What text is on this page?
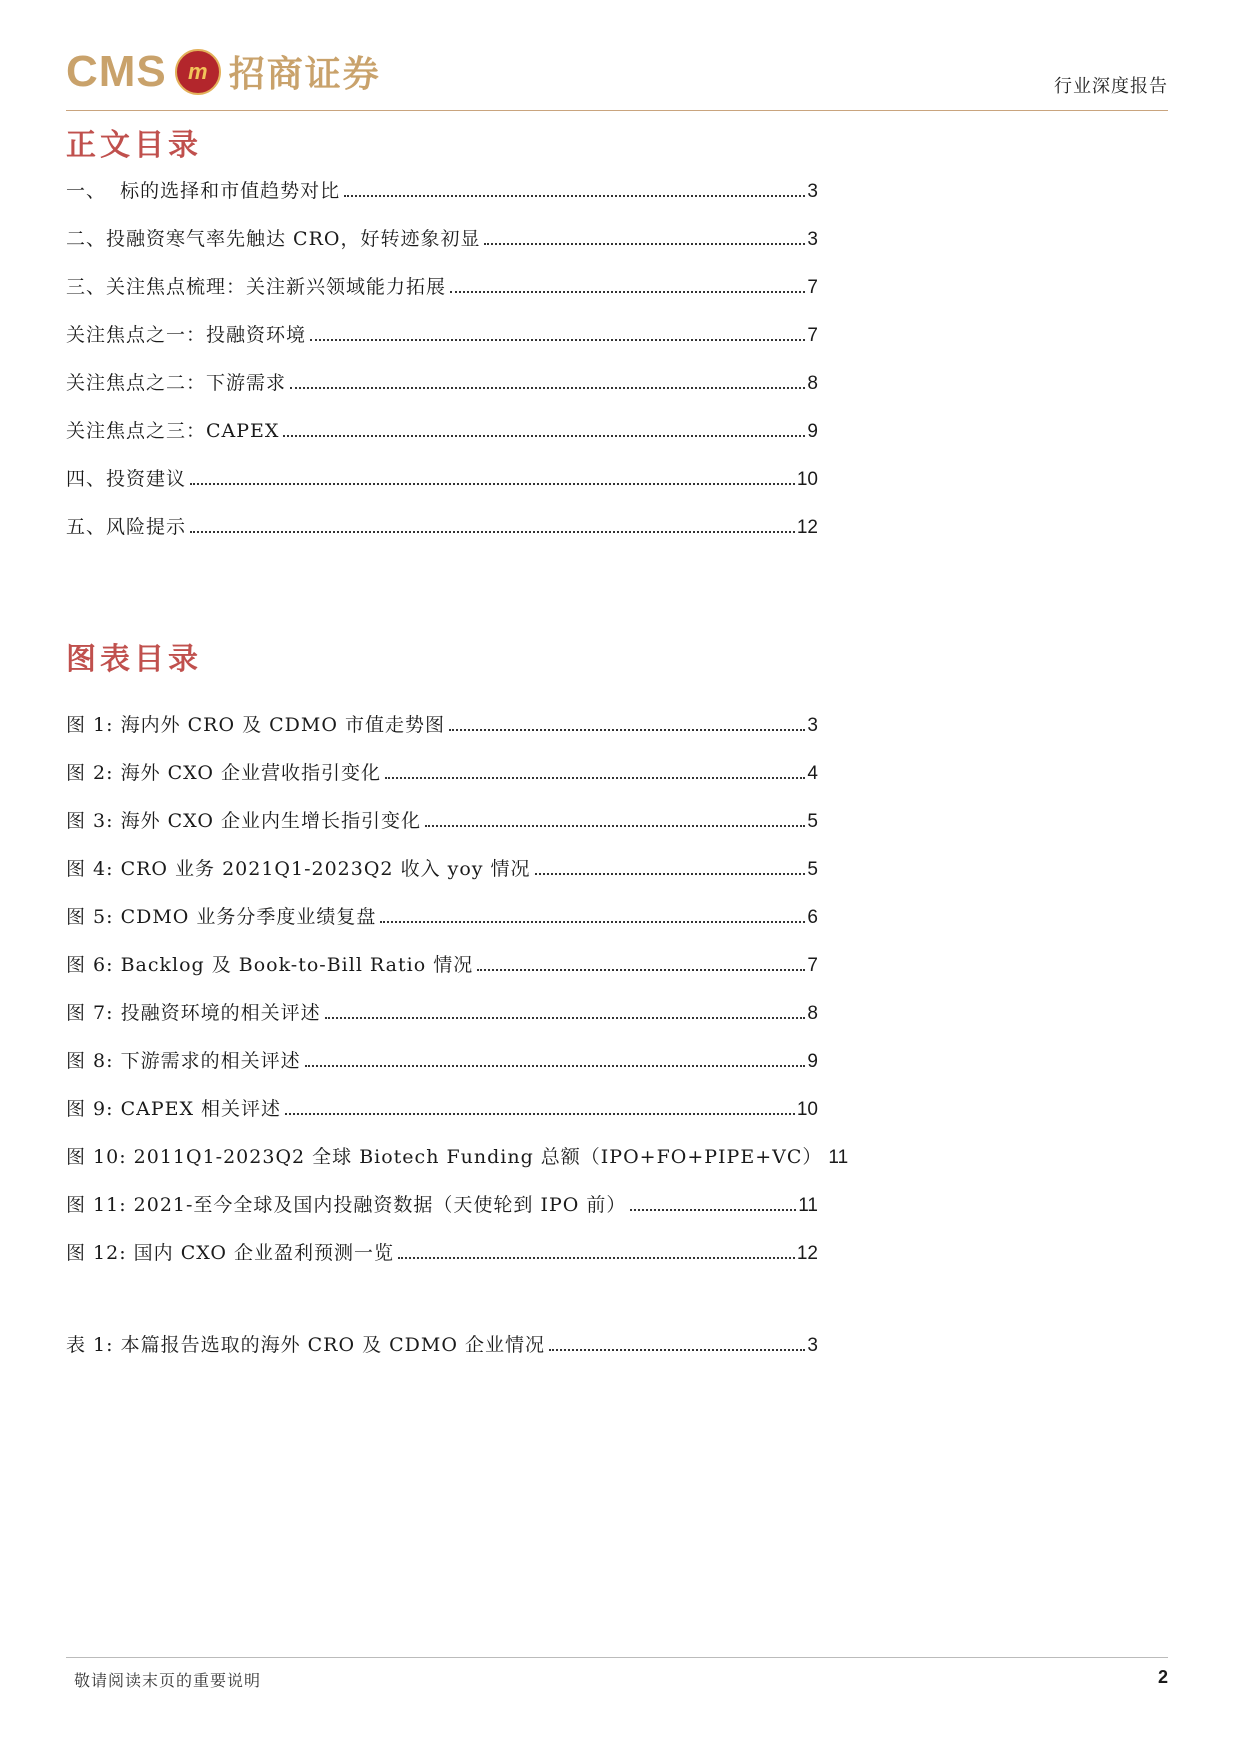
CMS m 招商证券	行业深度报告
正文目录
一、  标的选择和市值趋势对比	3
二、投融资寒气率先触达 CRO，好转迹象初显	3
三、关注焦点梳理：关注新兴领域能力拓展	7
关注焦点之一：投融资环境	7
关注焦点之二：下游需求	8
关注焦点之三：CAPEX	9
四、投资建议	10
五、风险提示	12
图表目录
图 1: 海内外 CRO 及 CDMO 市值走势图	3
图 2: 海外 CXO 企业营收指引变化	4
图 3: 海外 CXO 企业内生增长指引变化	5
图 4: CRO 业务 2021Q1-2023Q2 收入 yoy 情况	5
图 5: CDMO 业务分季度业绩复盘	6
图 6: Backlog 及 Book-to-Bill Ratio 情况	7
图 7: 投融资环境的相关评述	8
图 8: 下游需求的相关评述	9
图 9: CAPEX 相关评述	10
图 10: 2011Q1-2023Q2 全球 Biotech Funding 总额（IPO+FO+PIPE+VC） 11
图 11: 2021-至今全球及国内投融资数据（天使轮到 IPO 前）	11
图 12: 国内 CXO 企业盈利预测一览	12
表 1: 本篇报告选取的海外 CRO 及 CDMO 企业情况	3
敬请阅读末页的重要说明	2
